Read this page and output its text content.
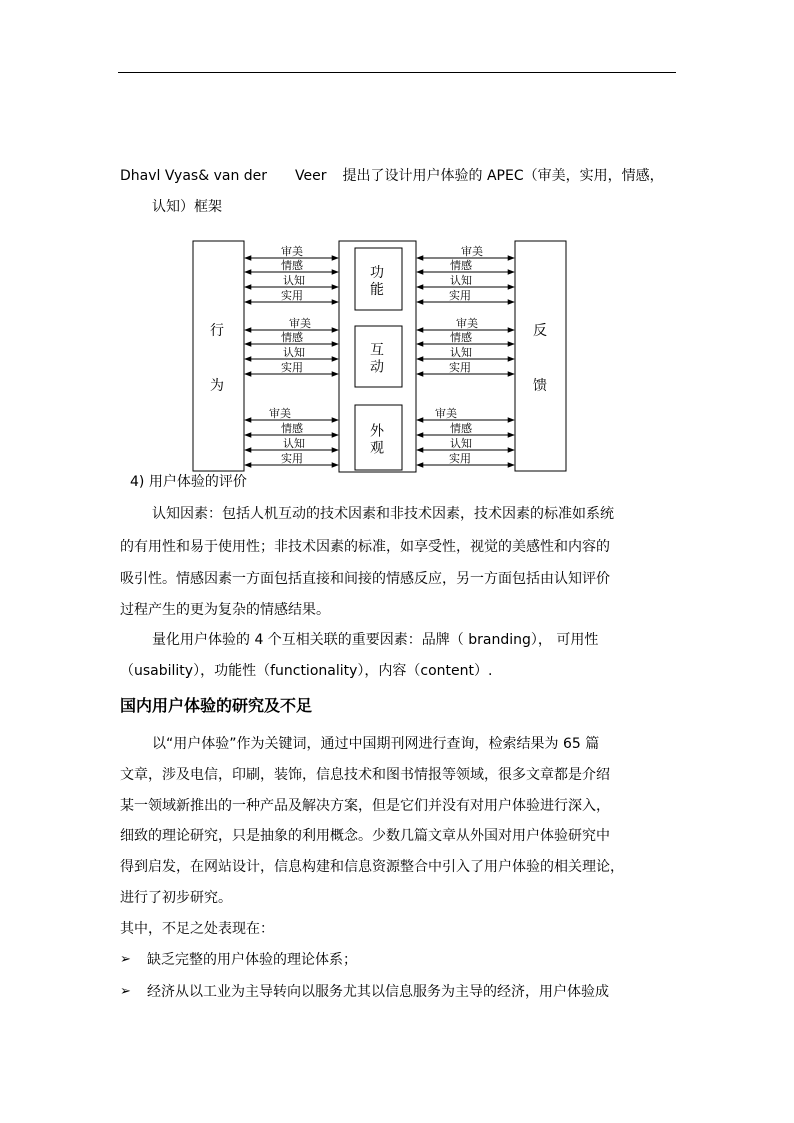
Dhavl Vyas& van der Veer 提出了设计用户体验的 APEC（审美，实用，情感，
认知）框架
行
为
反
馈
功
能
互
动
外
观
审美	审美
情感	情感
认知	认知
实用	实用
审美	审美
情感	情感
认知	认知
实用	实用
审美	审美
情感	情感
认知	认知
实用	实用
4) 用户体验的评价
认知因素：包括人机互动的技术因素和非技术因素，技术因素的标准如系统
的有用性和易于使用性；非技术因素的标准，如享受性，视觉的美感性和内容的
吸引性。情感因素一方面包括直接和间接的情感反应，另一方面包括由认知评价
过程产生的更为复杂的情感结果。
量化用户体验的 4 个互相关联的重要因素：品牌（ branding）， 可用性
（usability），功能性（functionality），内容（content）.
国内用户体验的研究及不足
以“用户体验”作为关键词，通过中国期刊网进行查询，检索结果为 65 篇
文章，涉及电信，印刷，装饰，信息技术和图书情报等领域，很多文章都是介绍
某一领域新推出的一种产品及解决方案，但是它们并没有对用户体验进行深入，
细致的理论研究，只是抽象的利用概念。少数几篇文章从外国对用户体验研究中
得到启发，在网站设计，信息构建和信息资源整合中引入了用户体验的相关理论，
进行了初步研究。
其中，不足之处表现在：
➢ 缺乏完整的用户体验的理论体系；
➢ 经济从以工业为主导转向以服务尤其以信息服务为主导的经济，用户体验成
